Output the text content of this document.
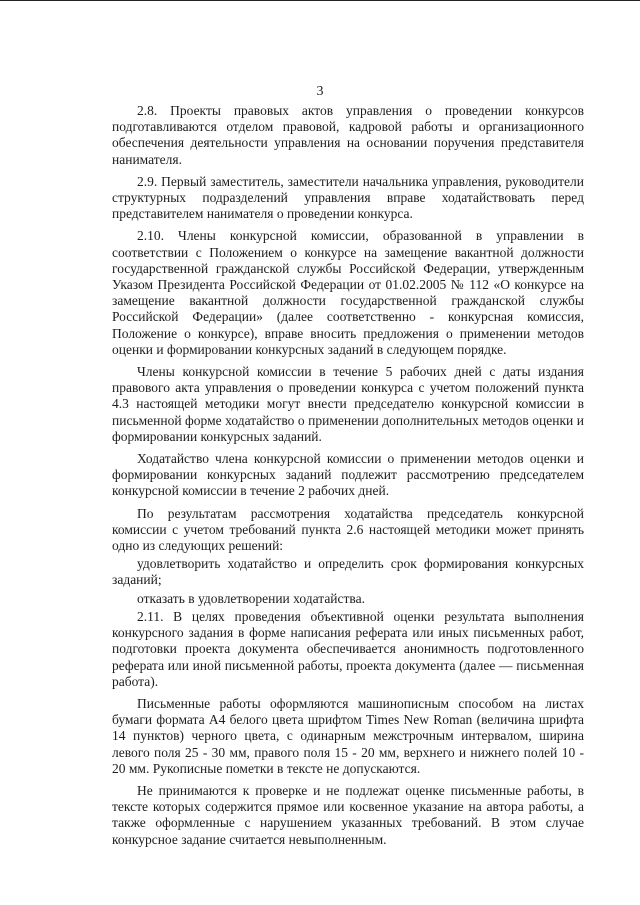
3

2.8. Проекты правовых актов управления о проведении конкурсов подготавливаются отделом правовой, кадровой работы и организационного обеспечения деятельности управления на основании поручения представителя нанимателя.

2.9. Первый заместитель, заместители начальника управления, руководители структурных подразделений управления вправе ходатайствовать перед представителем нанимателя о проведении конкурса.

2.10. Члены конкурсной комиссии, образованной в управлении в соответствии с Положением о конкурсе на замещение вакантной должности государственной гражданской службы Российской Федерации, утвержденным Указом Президента Российской Федерации от 01.02.2005 № 112 «О конкурсе на замещение вакантной должности государственной гражданской службы Российской Федерации» (далее соответственно - конкурсная комиссия, Положение о конкурсе), вправе вносить предложения о применении методов оценки и формировании конкурсных заданий в следующем порядке.

Члены конкурсной комиссии в течение 5 рабочих дней с даты издания правового акта управления о проведении конкурса с учетом положений пункта 4.3 настоящей методики могут внести председателю конкурсной комиссии в письменной форме ходатайство о применении дополнительных методов оценки и формировании конкурсных заданий.

Ходатайство члена конкурсной комиссии о применении методов оценки и формировании конкурсных заданий подлежит рассмотрению председателем конкурсной комиссии в течение 2 рабочих дней.

По результатам рассмотрения ходатайства председатель конкурсной комиссии с учетом требований пункта 2.6 настоящей методики может принять одно из следующих решений:

удовлетворить ходатайство и определить срок формирования конкурсных заданий;

отказать в удовлетворении ходатайства.

2.11. В целях проведения объективной оценки результата выполнения конкурсного задания в форме написания реферата или иных письменных работ, подготовки проекта документа обеспечивается анонимность подготовленного реферата или иной письменной работы, проекта документа (далее — письменная работа).

Письменные работы оформляются машинописным способом на листах бумаги формата А4 белого цвета шрифтом Times New Roman (величина шрифта 14 пунктов) черного цвета, с одинарным межстрочным интервалом, ширина левого поля 25 - 30 мм, правого поля 15 - 20 мм, верхнего и нижнего полей 10 - 20 мм. Рукописные пометки в тексте не допускаются.

Не принимаются к проверке и не подлежат оценке письменные работы, в тексте которых содержится прямое или косвенное указание на автора работы, а также оформленные с нарушением указанных требований. В этом случае конкурсное задание считается невыполненным.
